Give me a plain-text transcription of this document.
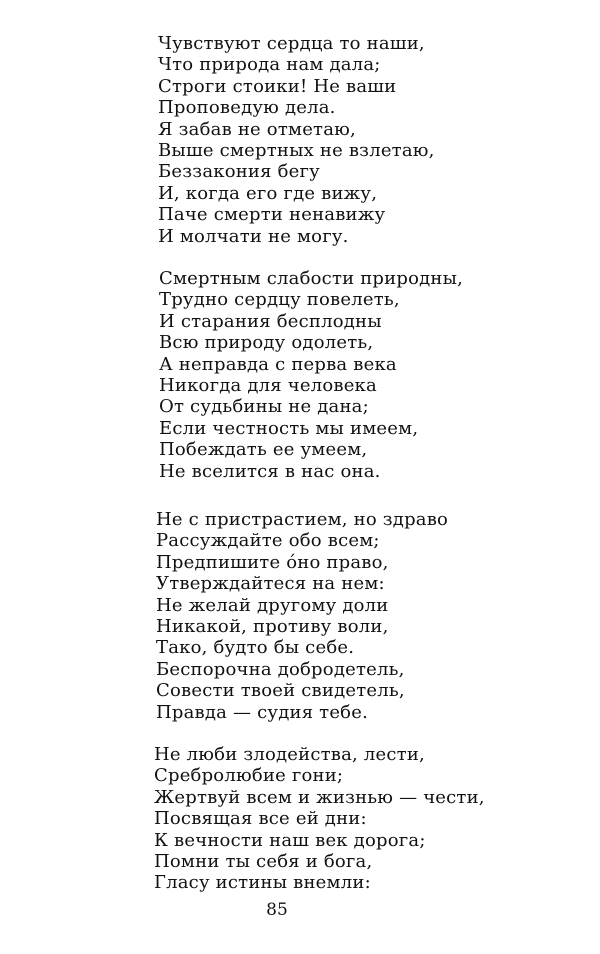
Чувствуют сердца то наши,
Что природа нам дала;
Строги стоики! Не ваши
Проповедую дела.
Я забав не отметаю,
Выше смертных не взлетаю,
Беззакония бегу
И, когда его где вижу,
Паче смерти ненавижу
И молчати не могу.
Смертным слабости природны,
Трудно сердцу повелеть,
И старания бесплодны
Всю природу одолеть,
А неправда с перва века
Никогда для человека
От судьбины не дана;
Если честность мы имеем,
Побеждать ее умеем,
Не вселится в нас она.
Не с пристрастием, но здраво
Рассуждайте обо всем;
Предпишите óно право,
Утверждайтеся на нем:
Не желай другому доли
Никакой, противу воли,
Тако, будто бы себе.
Беспорочна добродетель,
Совести твоей свидетель,
Правда — судия тебе.
Не люби злодейства, лести,
Сребролюбие гони;
Жертвуй всем и жизнью — чести,
Посвящая все ей дни:
К вечности наш век дорога;
Помни ты себя и бога,
Гласу истины внемли:
85
